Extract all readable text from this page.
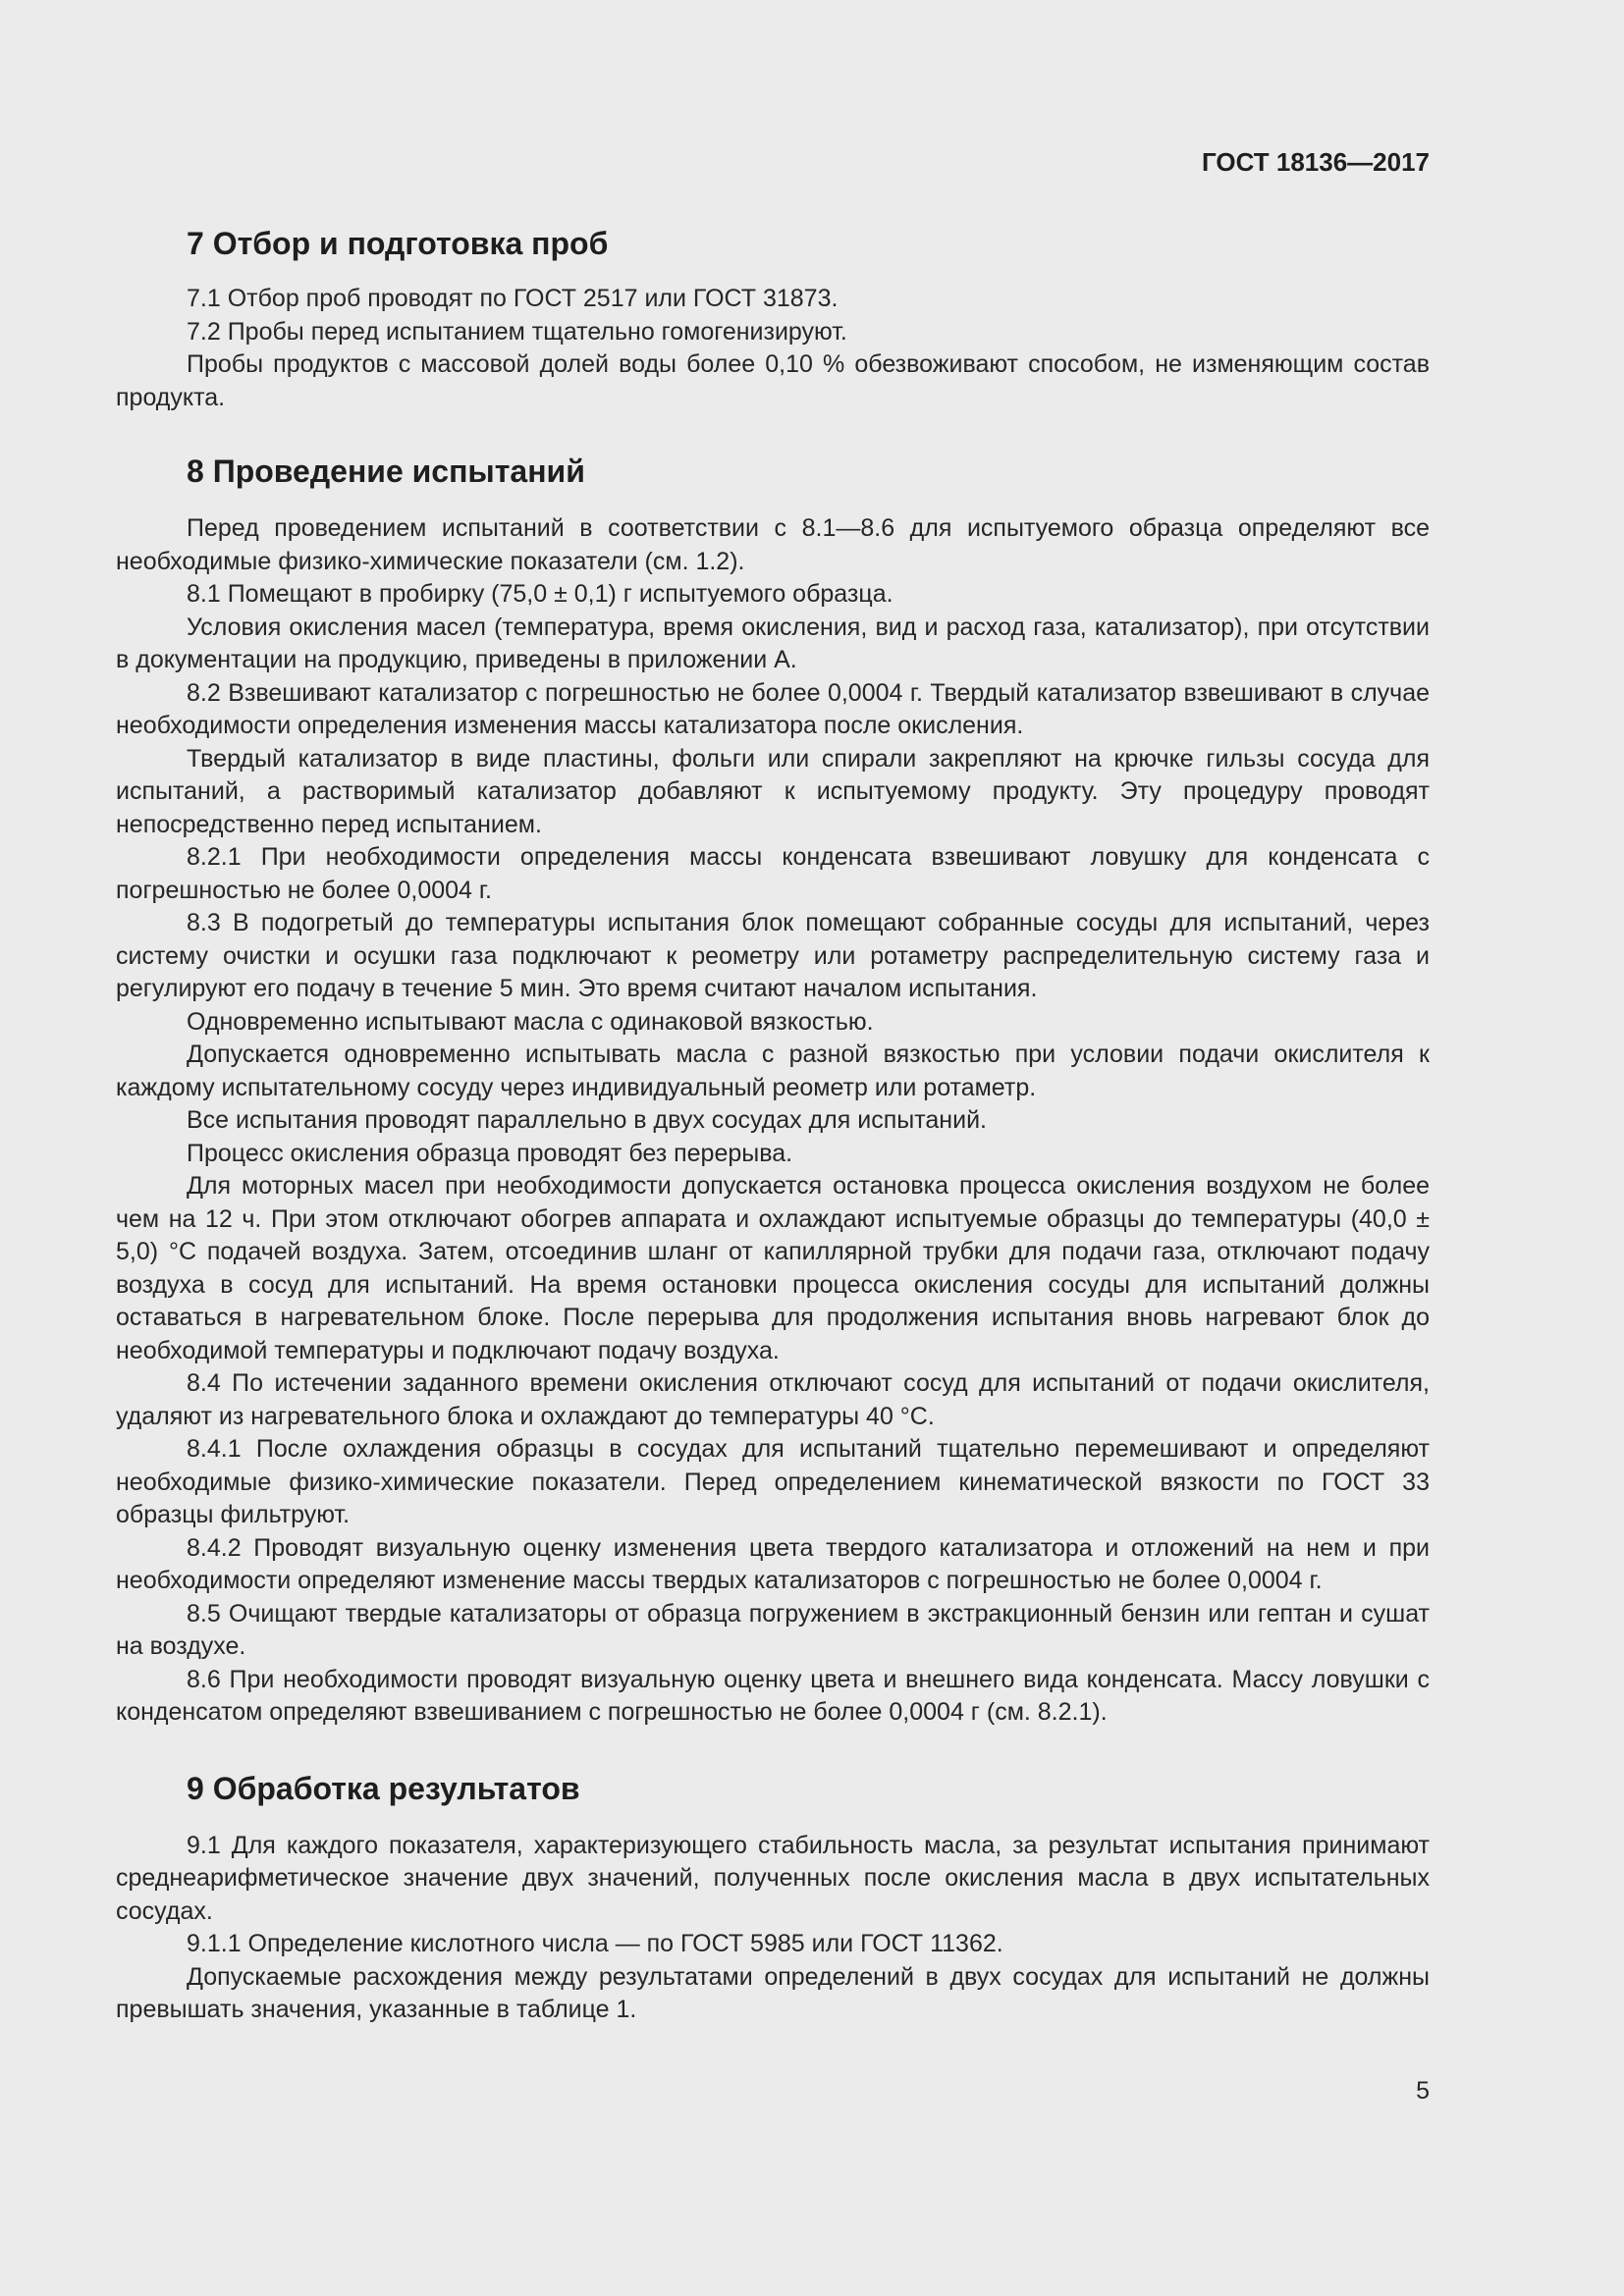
ГОСТ 18136—2017
7 Отбор и подготовка проб

7.1 Отбор проб проводят по ГОСТ 2517 или ГОСТ 31873.

7.2 Пробы перед испытанием тщательно гомогенизируют.

Пробы продуктов с массовой долей воды более 0,10 % обезвоживают способом, не изменяющим состав продукта.

8 Проведение испытаний

Перед проведением испытаний в соответствии с 8.1—8.6 для испытуемого образца определяют все необходимые физико-химические показатели (см. 1.2).

8.1 Помещают в пробирку (75,0 ± 0,1) г испытуемого образца.

Условия окисления масел (температура, время окисления, вид и расход газа, катализатор), при отсутствии в документации на продукцию, приведены в приложении А.

8.2 Взвешивают катализатор с погрешностью не более 0,0004 г. Твердый катализатор взвешивают в случае необходимости определения изменения массы катализатора после окисления.

Твердый катализатор в виде пластины, фольги или спирали закрепляют на крючке гильзы сосуда для испытаний, а растворимый катализатор добавляют к испытуемому продукту. Эту процедуру проводят непосредственно перед испытанием.

8.2.1 При необходимости определения массы конденсата взвешивают ловушку для конденсата с погрешностью не более 0,0004 г.

8.3 В подогретый до температуры испытания блок помещают собранные сосуды для испытаний, через систему очистки и осушки газа подключают к реометру или ротаметру распределительную систему газа и регулируют его подачу в течение 5 мин. Это время считают началом испытания.

Одновременно испытывают масла с одинаковой вязкостью.

Допускается одновременно испытывать масла с разной вязкостью при условии подачи окислителя к каждому испытательному сосуду через индивидуальный реометр или ротаметр.

Все испытания проводят параллельно в двух сосудах для испытаний.

Процесс окисления образца проводят без перерыва.

Для моторных масел при необходимости допускается остановка процесса окисления воздухом не более чем на 12 ч. При этом отключают обогрев аппарата и охлаждают испытуемые образцы до температуры (40,0 ± 5,0) °С подачей воздуха. Затем, отсоединив шланг от капиллярной трубки для подачи газа, отключают подачу воздуха в сосуд для испытаний. На время остановки процесса окисления сосуды для испытаний должны оставаться в нагревательном блоке. После перерыва для продолжения испытания вновь нагревают блок до необходимой температуры и подключают подачу воздуха.

8.4 По истечении заданного времени окисления отключают сосуд для испытаний от подачи окислителя, удаляют из нагревательного блока и охлаждают до температуры 40 °С.

8.4.1 После охлаждения образцы в сосудах для испытаний тщательно перемешивают и определяют необходимые физико-химические показатели. Перед определением кинематической вязкости по ГОСТ 33 образцы фильтруют.

8.4.2 Проводят визуальную оценку изменения цвета твердого катализатора и отложений на нем и при необходимости определяют изменение массы твердых катализаторов с погрешностью не более 0,0004 г.

8.5 Очищают твердые катализаторы от образца погружением в экстракционный бензин или гептан и сушат на воздухе.

8.6 При необходимости проводят визуальную оценку цвета и внешнего вида конденсата. Массу ловушки с конденсатом определяют взвешиванием с погрешностью не более 0,0004 г (см. 8.2.1).

9 Обработка результатов

9.1 Для каждого показателя, характеризующего стабильность масла, за результат испытания принимают среднеарифметическое значение двух значений, полученных после окисления масла в двух испытательных сосудах.

9.1.1 Определение кислотного числа — по ГОСТ 5985 или ГОСТ 11362.

Допускаемые расхождения между результатами определений в двух сосудах для испытаний не должны превышать значения, указанные в таблице 1.

5
